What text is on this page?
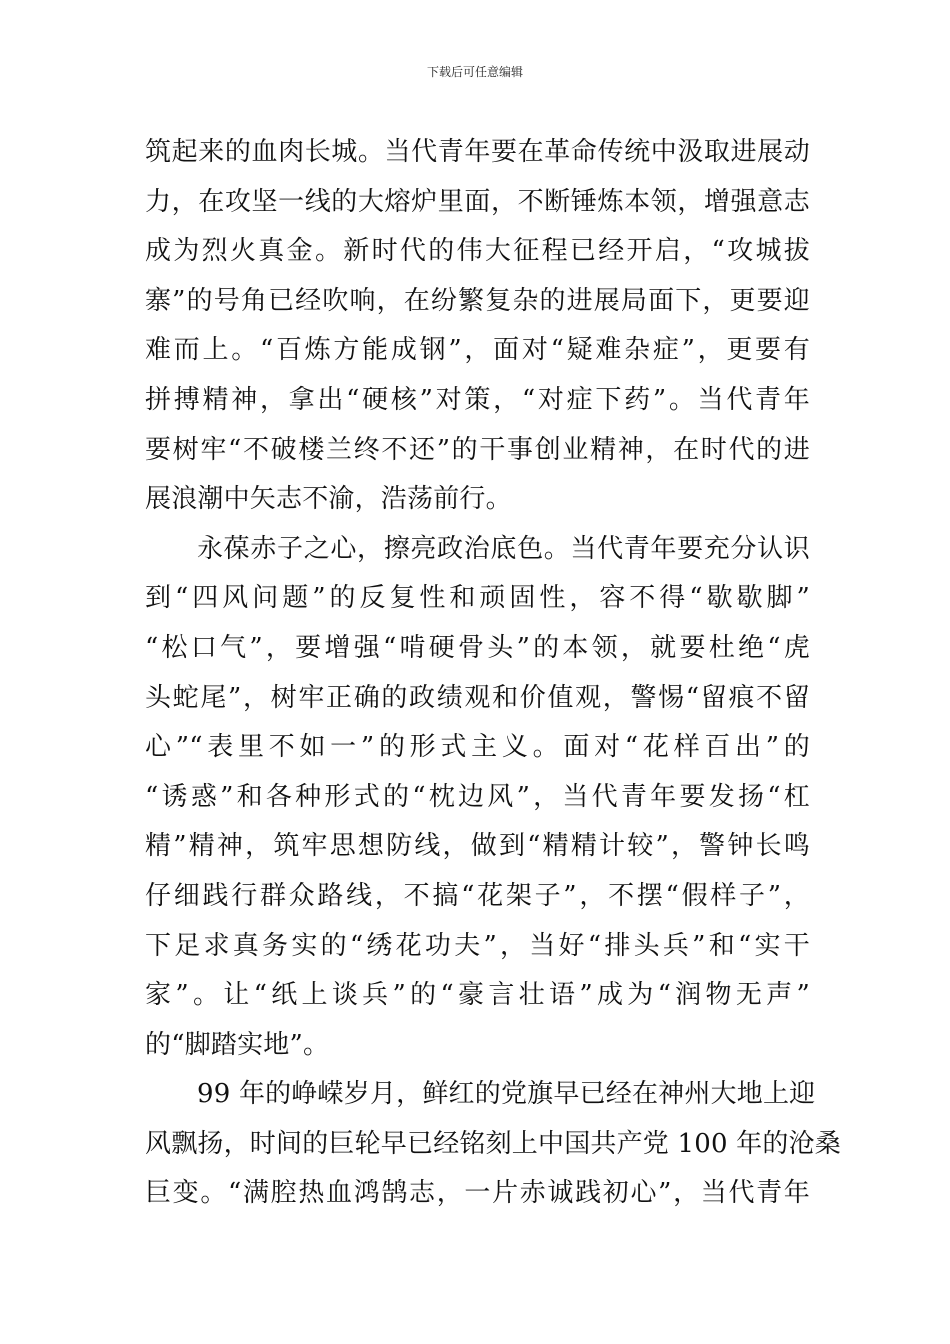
下载后可任意编辑
筑起来的血肉长城。当代青年要在革命传统中汲取进展动
力，在攻坚一线的大熔炉里面，不断锤炼本领，增强意志
成为烈火真金。新时代的伟大征程已经开启，“攻城拔
寨”的号角已经吹响，在纷繁复杂的进展局面下，更要迎
难而上。“百炼方能成钢”，面对“疑难杂症”，更要有
拼搏精神，拿出“硬核”对策，“对症下药”。当代青年
要树牢“不破楼兰终不还”的干事创业精神，在时代的进
展浪潮中矢志不渝，浩荡前行。
永葆赤子之心，擦亮政治底色。当代青年要充分认识
到“四风问题”的反复性和顽固性，容不得“歇歇脚”
“松口气”，要增强“啃硬骨头”的本领，就要杜绝“虎
头蛇尾”，树牢正确的政绩观和价值观，警惕“留痕不留
心”“表里不如一”的形式主义。面对“花样百出”的
“诱惑”和各种形式的“枕边风”，当代青年要发扬“杠
精”精神，筑牢思想防线，做到“精精计较”，警钟长鸣
仔细践行群众路线，不搞“花架子”，不摆“假样子”，
下足求真务实的“绣花功夫”，当好“排头兵”和“实干
家”。让“纸上谈兵”的“豪言壮语”成为“润物无声”
的“脚踏实地”。
99 年的峥嵘岁月，鲜红的党旗早已经在神州大地上迎
风飘扬，时间的巨轮早已经铭刻上中国共产党 100 年的沧桑
巨变。“满腔热血鸿鹄志，一片赤诚践初心”，当代青年
